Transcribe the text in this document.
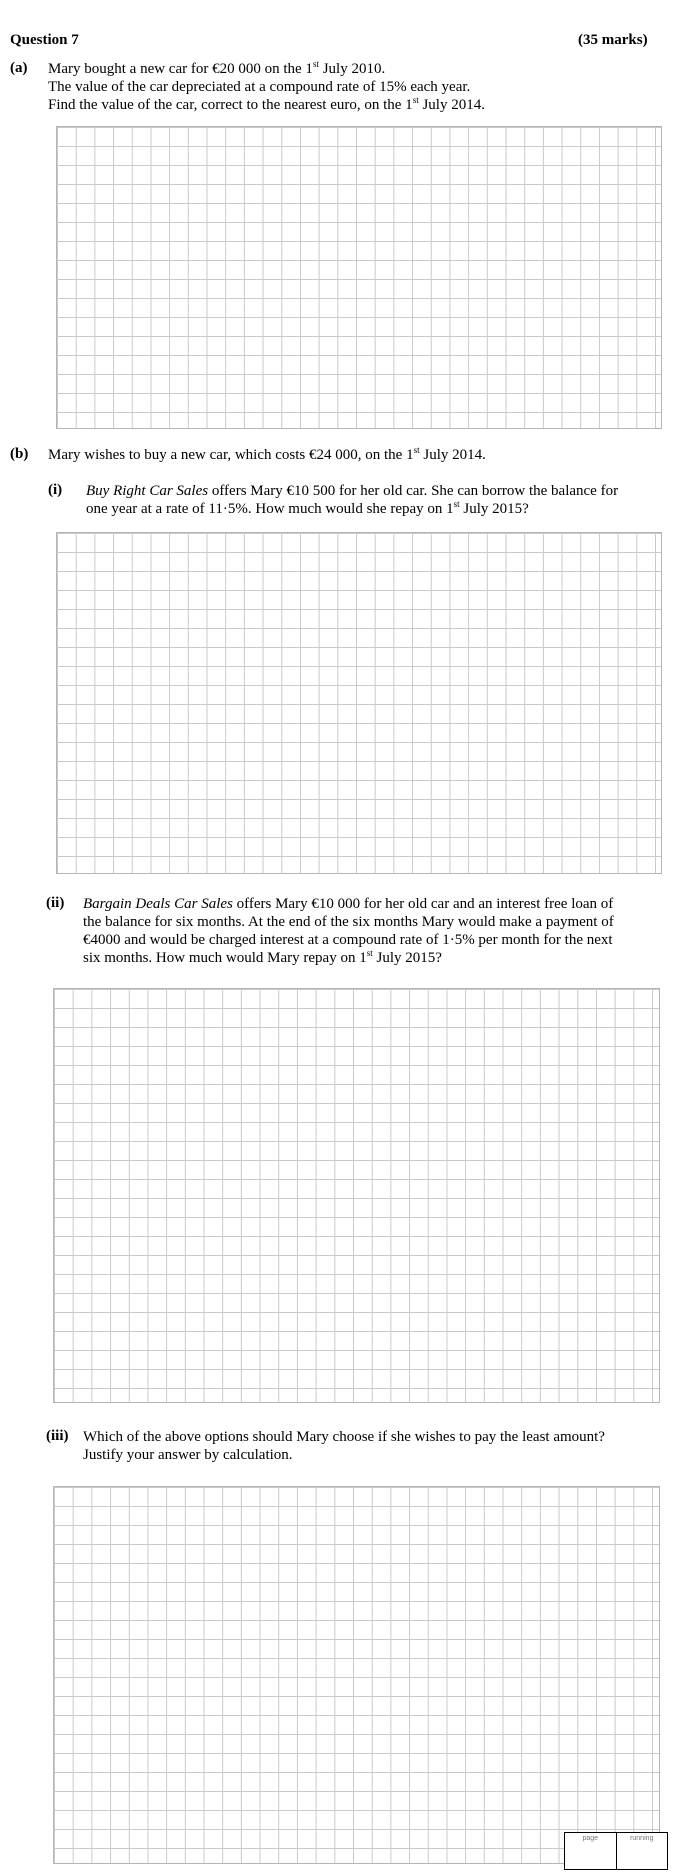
Question 7	(35 marks)
(a) Mary bought a new car for €20 000 on the 1st July 2010.
The value of the car depreciated at a compound rate of 15% each year.
Find the value of the car, correct to the nearest euro, on the 1st July 2014.
(b) Mary wishes to buy a new car, which costs €24 000, on the 1st July 2014.
(i) Buy Right Car Sales offers Mary €10 500 for her old car. She can borrow the balance for
one year at a rate of 11·5%. How much would she repay on 1st July 2015?
(ii) Bargain Deals Car Sales offers Mary €10 000 for her old car and an interest free loan of
the balance for six months. At the end of the six months Mary would make a payment of
€4000 and would be charged interest at a compound rate of 1·5% per month for the next
six months. How much would Mary repay on 1st July 2015?
(iii) Which of the above options should Mary choose if she wishes to pay the least amount?
Justify your answer by calculation.
page	running
